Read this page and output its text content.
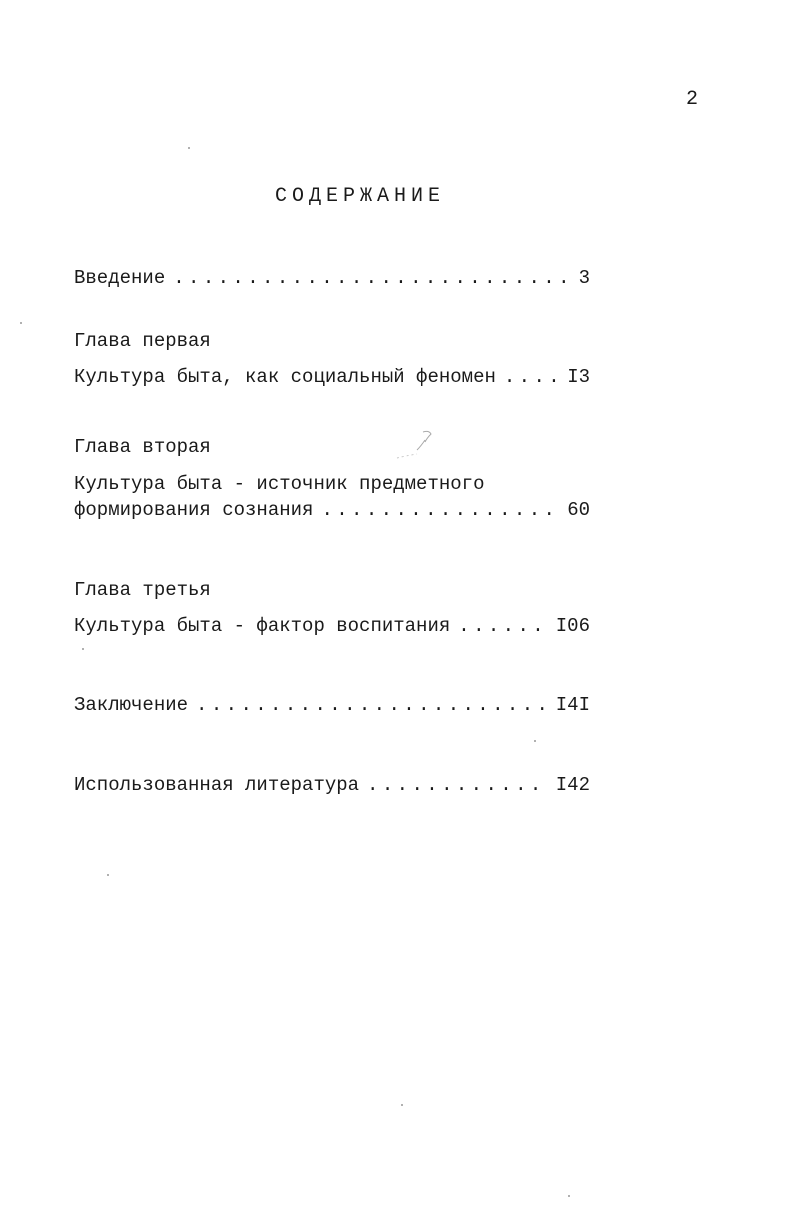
2
СОДЕРЖАНИЕ
Введение . . .	3
Глава первая
Культура быта, как социальный феномен . . .	I3
Глава вторая
Культура быта - источник предметного
формирования сознания . . .	60
Глава третья
Культура быта - фактор воспитания . . .	I06
Заключение . . .	I4I
Использованная литература . . .	I42
